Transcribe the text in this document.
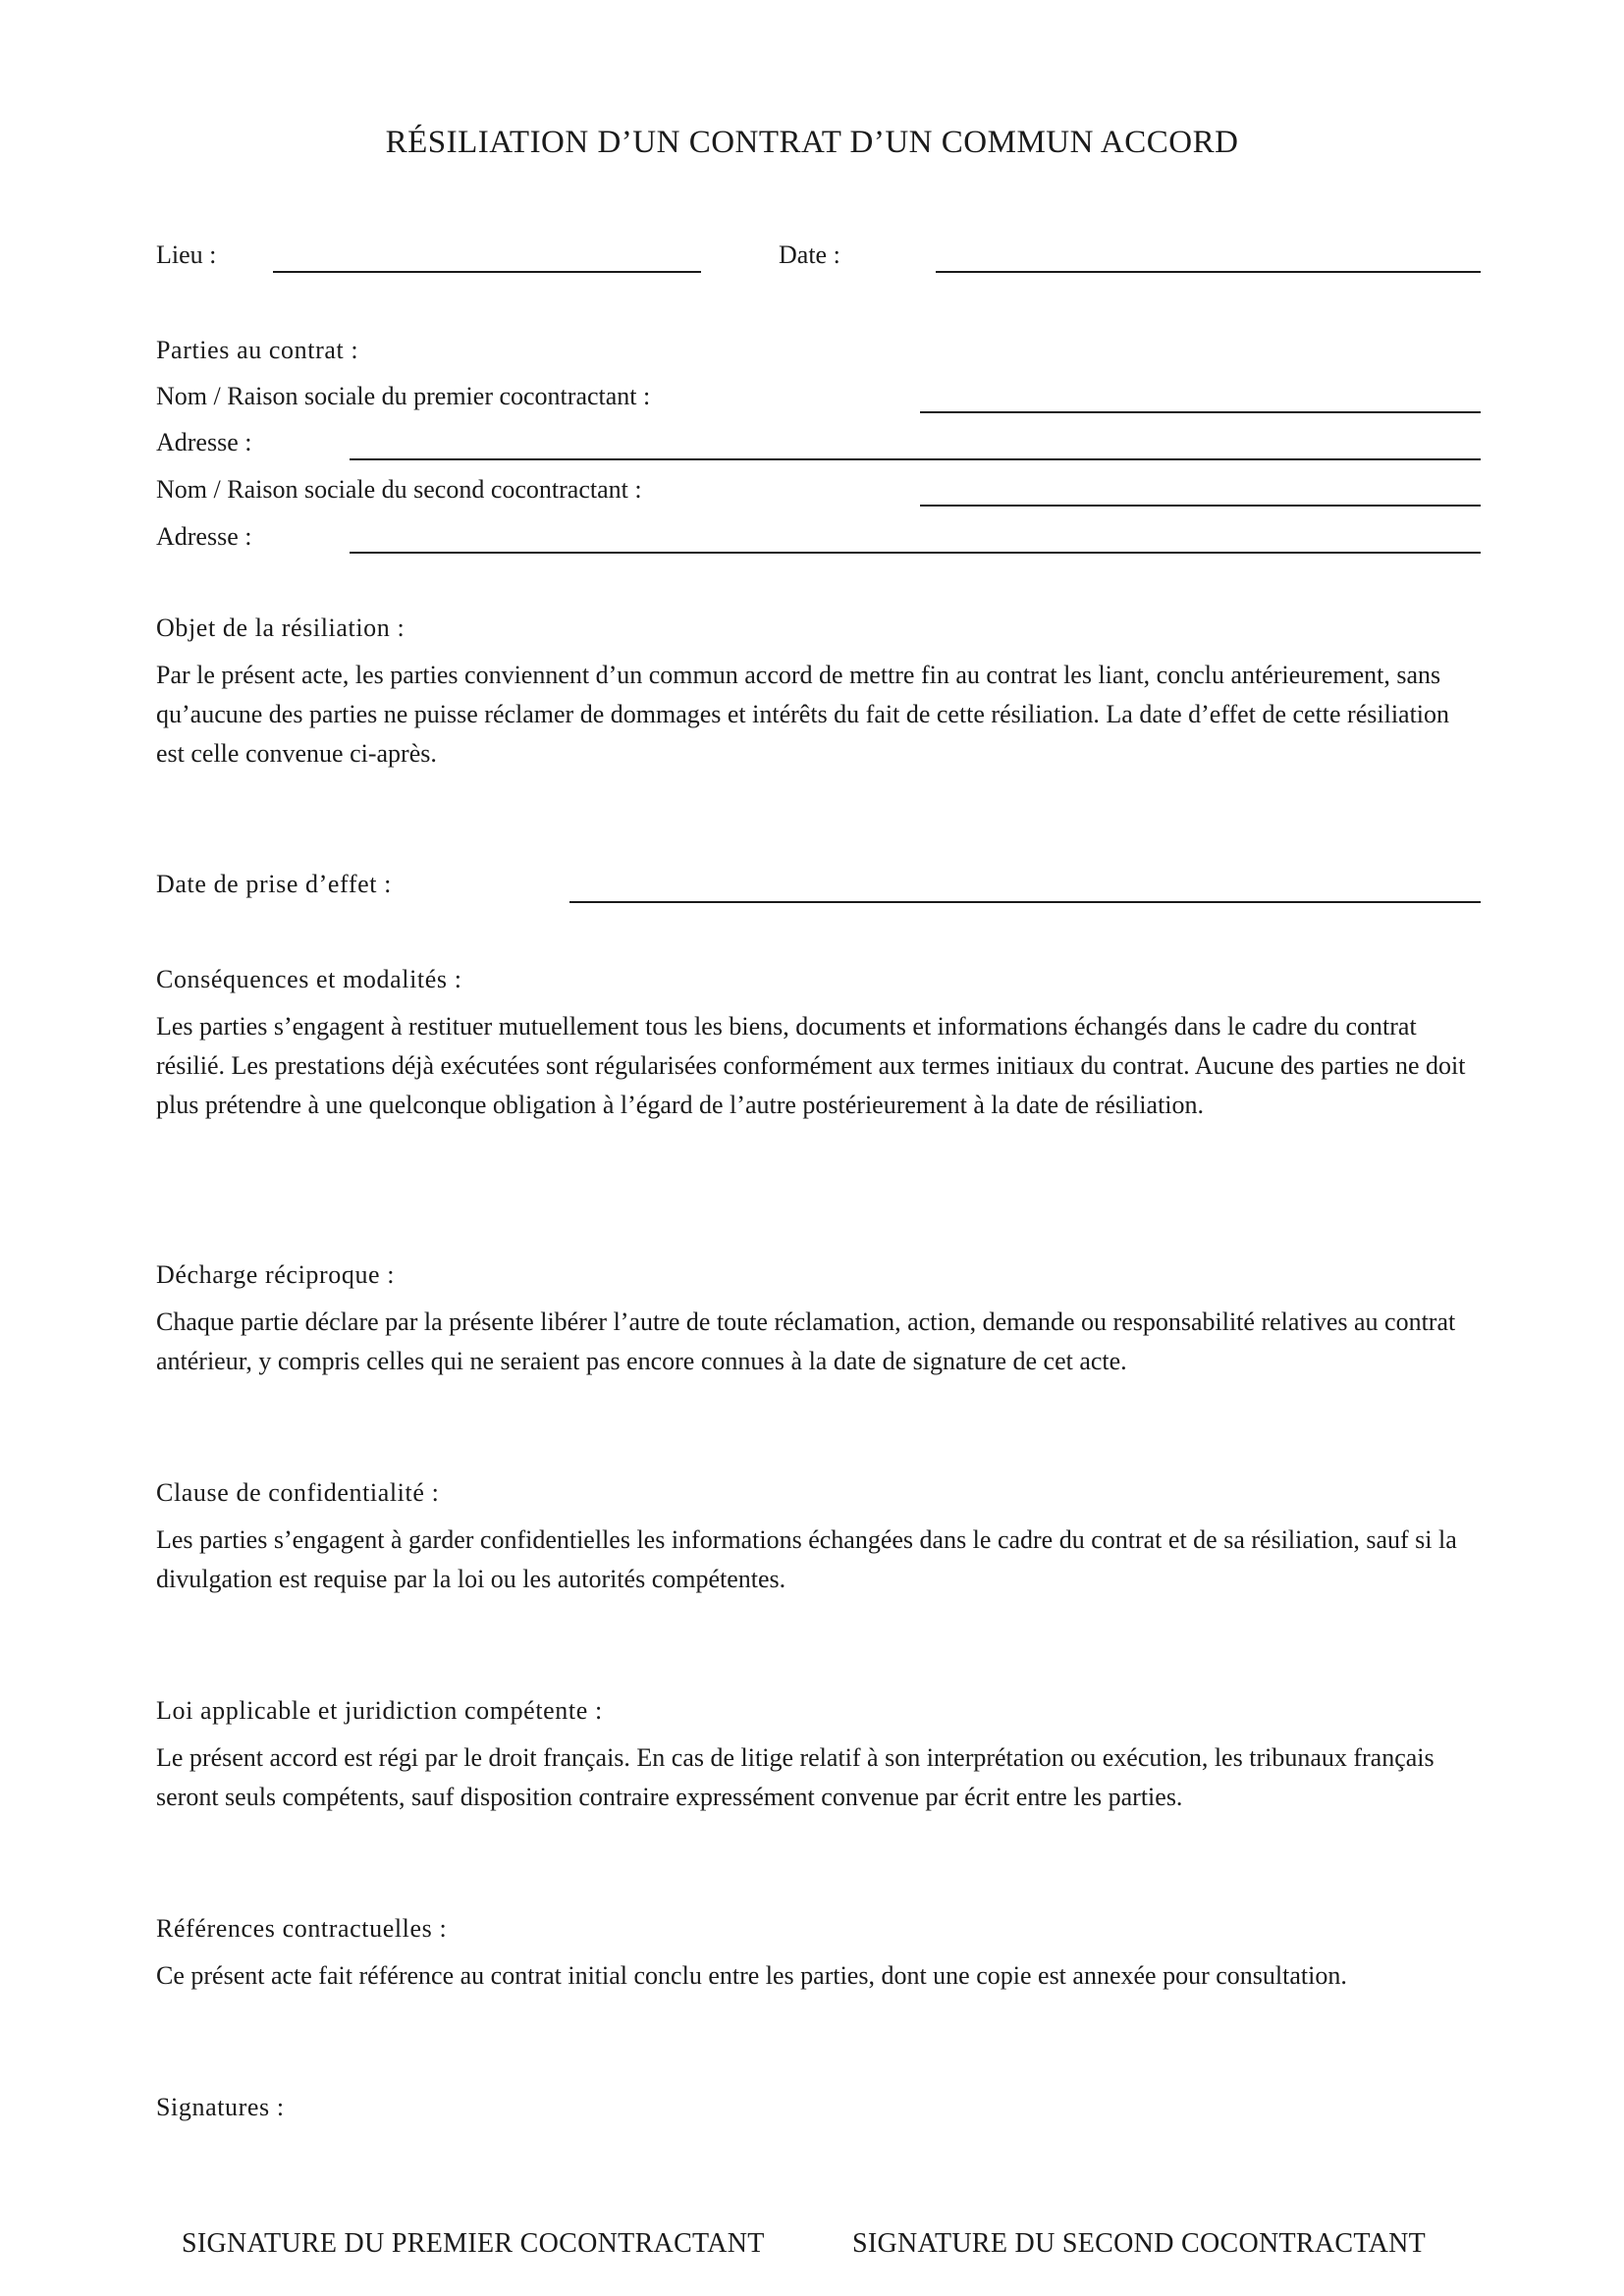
RÉSILIATION D’UN CONTRAT D’UN COMMUN ACCORD
Lieu :	Date :
Parties au contrat :
Nom / Raison sociale du premier cocontractant :
Adresse :
Nom / Raison sociale du second cocontractant :
Adresse :
Objet de la résiliation :
Par le présent acte, les parties conviennent d’un commun accord de mettre fin au contrat les liant, conclu antérieurement, sans qu’aucune des parties ne puisse réclamer de dommages et intérêts du fait de cette résiliation. La date d’effet de cette résiliation est celle convenue ci-après.
Date de prise d’effet :
Conséquences et modalités :
Les parties s’engagent à restituer mutuellement tous les biens, documents et informations échangés dans le cadre du contrat résilié. Les prestations déjà exécutées sont régularisées conformément aux termes initiaux du contrat. Aucune des parties ne doit plus prétendre à une quelconque obligation à l’égard de l’autre postérieurement à la date de résiliation.
Décharge réciproque :
Chaque partie déclare par la présente libérer l’autre de toute réclamation, action, demande ou responsabilité relatives au contrat antérieur, y compris celles qui ne seraient pas encore connues à la date de signature de cet acte.
Clause de confidentialité :
Les parties s’engagent à garder confidentielles les informations échangées dans le cadre du contrat et de sa résiliation, sauf si la divulgation est requise par la loi ou les autorités compétentes.
Loi applicable et juridiction compétente :
Le présent accord est régi par le droit français. En cas de litige relatif à son interprétation ou exécution, les tribunaux français seront seuls compétents, sauf disposition contraire expressément convenue par écrit entre les parties.
Références contractuelles :
Ce présent acte fait référence au contrat initial conclu entre les parties, dont une copie est annexée pour consultation.
Signatures :
SIGNATURE DU PREMIER COCONTRACTANT	SIGNATURE DU SECOND COCONTRACTANT
